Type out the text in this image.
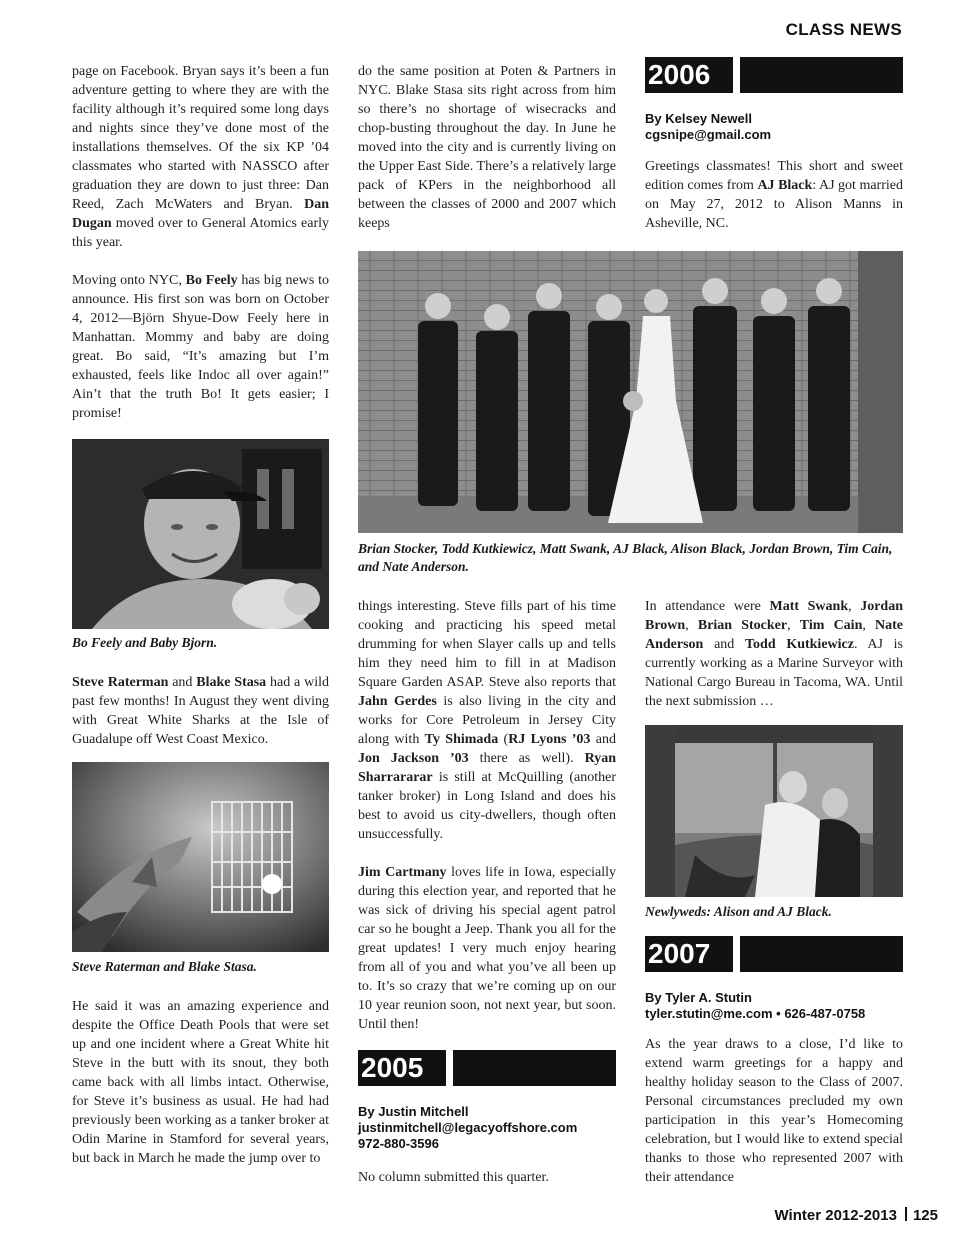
CLASS NEWS

page on Facebook. Bryan says it’s been a fun adventure getting to where they are with the facility although it’s required some long days and nights since they’ve done most of the installations themselves. Of the six KP ’04 classmates who started with NASSCO after graduation they are down to just three: Dan Reed, Zach McWaters and Bryan. Dan Dugan moved over to General Atomics early this year.

Moving onto NYC, Bo Feely has big news to announce. His first son was born on October 4, 2012—Björn Shyue-Dow Feely here in Manhattan. Mommy and baby are doing great. Bo said, “It’s amazing but I’m exhausted, feels like Indoc all over again!” Ain’t that the truth Bo! It gets easier; I promise!

Bo Feely and Baby Bjorn.

Steve Raterman and Blake Stasa had a wild past few months! In August they went diving with Great White Sharks at the Isle of Guadalupe off West Coast Mexico.

Steve Raterman and Blake Stasa.

He said it was an amazing experience and despite the Office Death Pools that were set up and one incident where a Great White hit Steve in the butt with its snout, they both came back with all limbs intact. Otherwise, for Steve it’s business as usual. He had had previously been working as a tanker broker at Odin Marine in Stamford for several years, but back in March he made the jump over to

do the same position at Poten & Partners in NYC. Blake Stasa sits right across from him so there’s no shortage of wisecracks and chop-busting throughout the day. In June he moved into the city and is currently living on the Upper East Side. There’s a relatively large pack of KPers in the neighborhood all between the classes of 2000 and 2007 which keeps

Brian Stocker, Todd Kutkiewicz, Matt Swank, AJ Black, Alison Black, Jordan Brown, Tim Cain, and Nate Anderson.

things interesting. Steve fills part of his time cooking and practicing his speed metal drumming for when Slayer calls up and tells him they need him to fill in at Madison Square Garden ASAP. Steve also reports that Jahn Gerdes is also living in the city and works for Core Petroleum in Jersey City along with Ty Shimada (RJ Lyons ’03 and Jon Jackson ’03 there as well). Ryan Sharrararar is still at McQuilling (another tanker broker) in Long Island and does his best to avoid us city-dwellers, though often unsuccessfully.

Jim Cartmany loves life in Iowa, especially during this election year, and reported that he was sick of driving his special agent patrol car so he bought a Jeep. Thank you all for the great updates! I very much enjoy hearing from all of you and what you’ve all been up to. It’s so crazy that we’re coming up on our 10 year reunion soon, not next year, but soon. Until then!

2005
By Justin Mitchell
justinmitchell@legacyoffshore.com
972-880-3596

No column submitted this quarter.

2006
By Kelsey Newell
cgsnipe@gmail.com

Greetings classmates! This short and sweet edition comes from AJ Black: AJ got married on May 27, 2012 to Alison Manns in Asheville, NC.

In attendance were Matt Swank, Jordan Brown, Brian Stocker, Tim Cain, Nate Anderson and Todd Kutkiewicz. AJ is currently working as a Marine Surveyor with National Cargo Bureau in Tacoma, WA. Until the next submission …

Newlyweds: Alison and AJ Black.
2007
By Tyler A. Stutin
tyler.stutin@me.com • 626-487-0758

As the year draws to a close, I’d like to extend warm greetings for a happy and healthy holiday season to the Class of 2007. Personal circumstances precluded my own participation in this year’s Homecoming celebration, but I would like to extend special thanks to those who represented 2007 with their attendance

Winter 2012-2013 125
